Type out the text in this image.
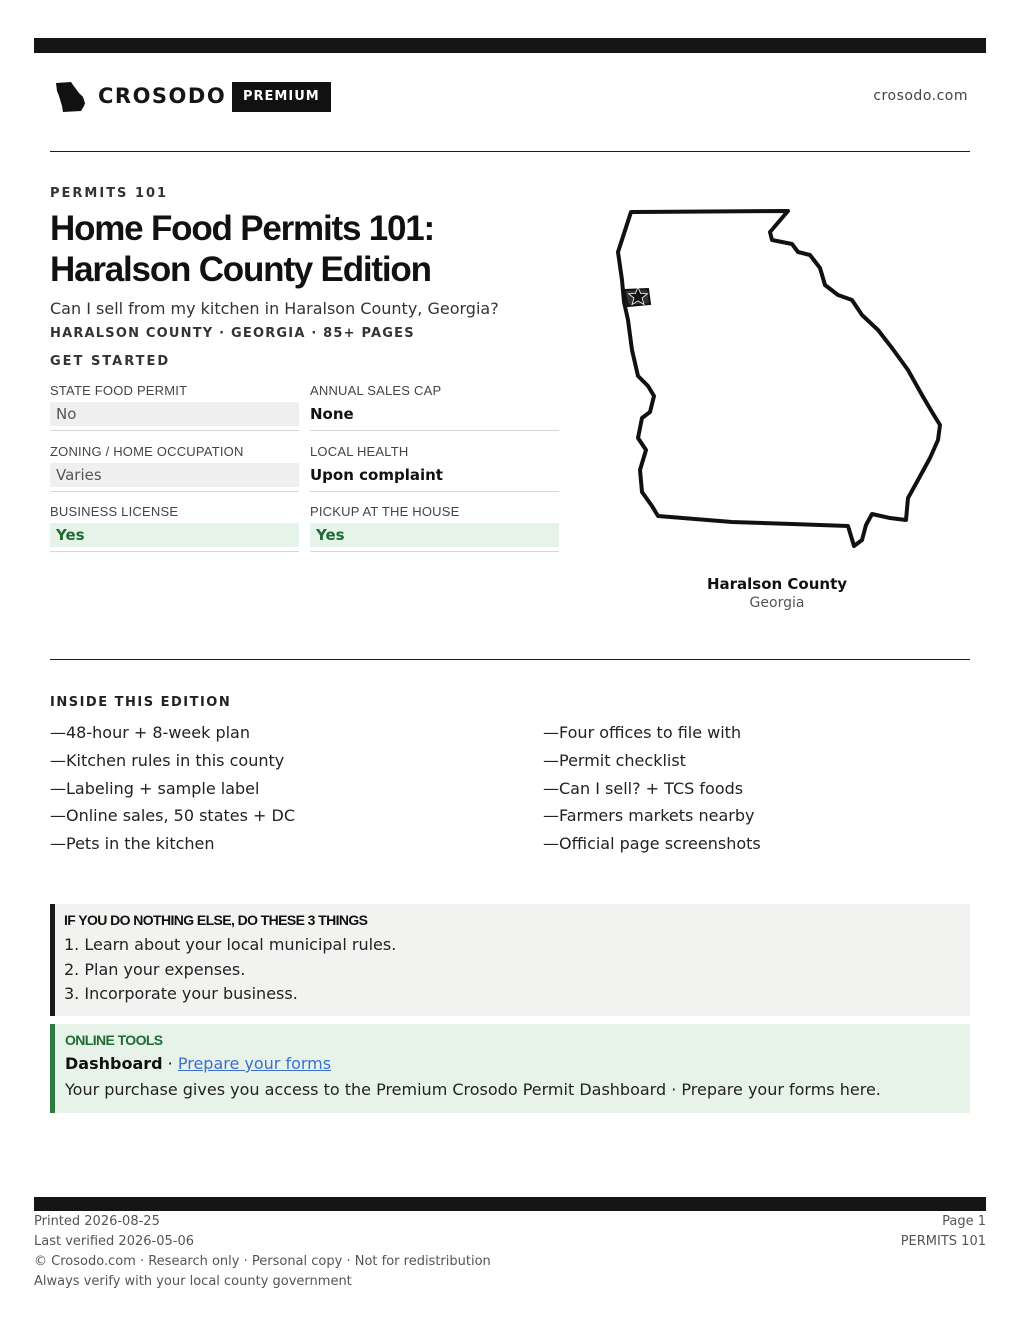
CROSODO	PREMIUM	crosodo.com
PERMITS 101
Home Food Permits 101:
Haralson County Edition
Can I sell from my kitchen in Haralson County, Georgia?
HARALSON COUNTY · GEORGIA · 85+ PAGES
GET STARTED
STATE FOOD PERMIT
No
ANNUAL SALES CAP
None
ZONING / HOME OCCUPATION
Varies
LOCAL HEALTH
Upon complaint
BUSINESS LICENSE
Yes
PICKUP AT THE HOUSE
Yes
Haralson County
Georgia
INSIDE THIS EDITION
—48-hour + 8-week plan
—Kitchen rules in this county
—Labeling + sample label
—Online sales, 50 states + DC
—Pets in the kitchen
—Four offices to file with
—Permit checklist
—Can I sell? + TCS foods
—Farmers markets nearby
—Official page screenshots
IF YOU DO NOTHING ELSE, DO THESE 3 THINGS
1. Learn about your local municipal rules.
2. Plan your expenses.
3. Incorporate your business.
ONLINE TOOLS
Dashboard · Prepare your forms
Your purchase gives you access to the Premium Crosodo Permit Dashboard · Prepare your forms here.
Printed 2026-08-25
Last verified 2026-05-06
© Crosodo.com · Research only · Personal copy · Not for redistribution
Always verify with your local county government
Page 1
PERMITS 101
